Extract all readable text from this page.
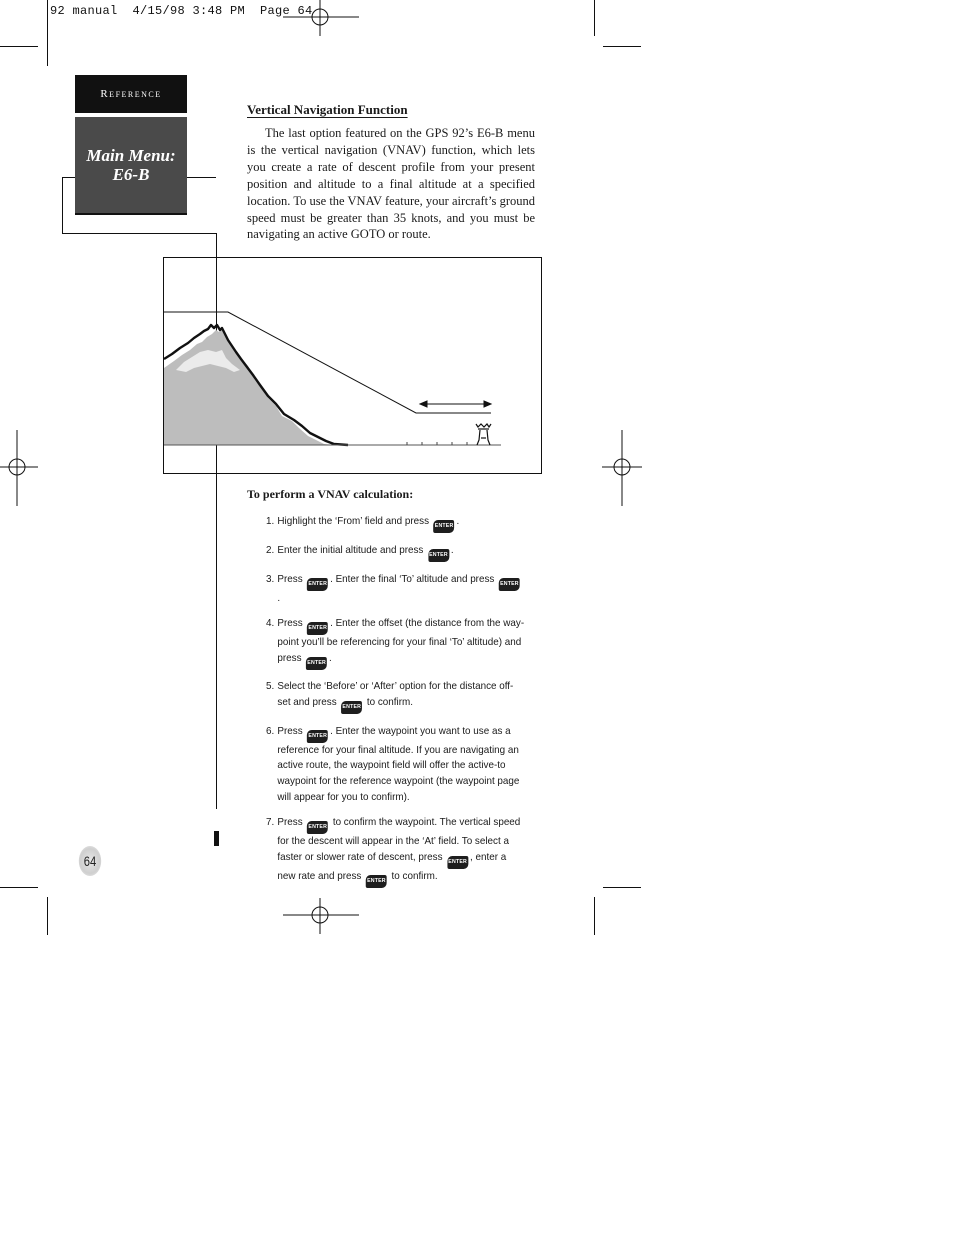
92 manual  4/15/98 3:48 PM  Page 64
Reference
Main Menu:
E6-B
Vertical Navigation Function

The last option featured on the GPS 92’s E6-B menu is the vertical navigation (VNAV) function, which lets you create a rate of descent profile from your present position and altitude to a final altitude at a specified location. To use the VNAV feature, your aircraft’s ground speed must be greater than 35 knots, and you must be navigating an active GOTO or route.

To perform a VNAV calculation:
1. Highlight the ‘From’ field and press ENTER .
2. Enter the initial altitude and press ENTER .
3. Press ENTER . Enter the final ‘To’ altitude and press ENTER.
4. Press ENTER . Enter the offset (the distance from the way-point you’ll be referencing for your final ‘To’ altitude) and press ENTER .
5. Select the ‘Before’ or ‘After’ option for the distance off-set and press ENTER to confirm.
6. Press ENTER . Enter the waypoint you want to use as a reference for your final altitude. If you are navigating an active route, the waypoint field will offer the active-to waypoint for the reference waypoint (the waypoint page will appear for you to confirm).
7. Press ENTER to confirm the waypoint. The vertical speed for the descent will appear in the ‘At’ field. To select a faster or slower rate of descent, press ENTER , enter a new rate and press ENTER to confirm.
64
